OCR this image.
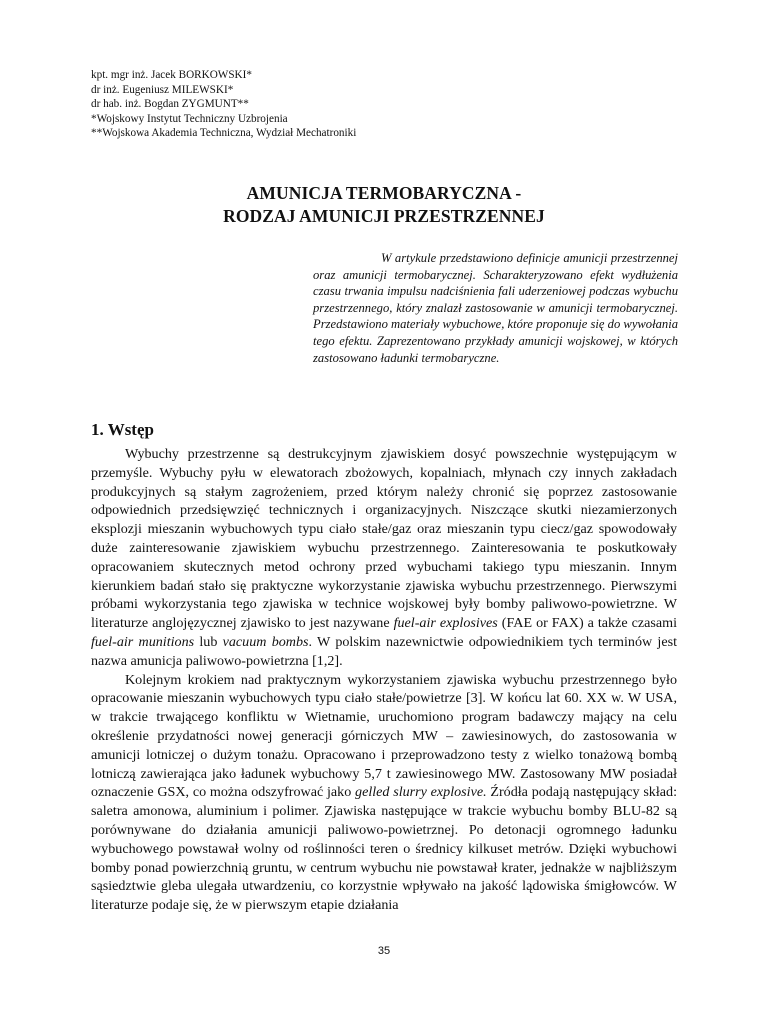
kpt. mgr inż. Jacek BORKOWSKI*
dr inż. Eugeniusz MILEWSKI*
dr hab. inż. Bogdan ZYGMUNT**
*Wojskowy Instytut Techniczny Uzbrojenia
**Wojskowa Akademia Techniczna, Wydział Mechatroniki
AMUNICJA TERMOBARYCZNA -
RODZAJ AMUNICJI PRZESTRZENNEJ

W artykule przedstawiono definicje amunicji przestrzennej oraz amunicji termobarycznej. Scharakteryzowano efekt wydłużenia czasu trwania impulsu nadciśnienia fali uderzeniowej podczas wybuchu przestrzennego, który znalazł zastosowanie w amunicji termobarycznej. Przedstawiono materiały wybuchowe, które proponuje się do wywołania tego efektu. Zaprezentowano przykłady amunicji wojskowej, w których zastosowano ładunki termobaryczne.

1. Wstęp

Wybuchy przestrzenne są destrukcyjnym zjawiskiem dosyć powszechnie występującym w przemyśle. Wybuchy pyłu w elewatorach zbożowych, kopalniach, młynach czy innych zakładach produkcyjnych są stałym zagrożeniem, przed którym należy chronić się poprzez zastosowanie odpowiednich przedsięwzięć technicznych i organizacyjnych. Niszczące skutki niezamierzonych eksplozji mieszanin wybuchowych typu ciało stałe/gaz oraz mieszanin typu ciecz/gaz spowodowały duże zainteresowanie zjawiskiem wybuchu przestrzennego. Zainteresowania te poskutkowały opracowaniem skutecznych metod ochrony przed wybuchami takiego typu mieszanin. Innym kierunkiem badań stało się praktyczne wykorzystanie zjawiska wybuchu przestrzennego. Pierwszymi próbami wykorzystania tego zjawiska w technice wojskowej były bomby paliwowo-powietrzne. W literaturze anglojęzycznej zjawisko to jest nazywane fuel-air explosives (FAE or FAX) a także czasami fuel-air munitions lub vacuum bombs. W polskim nazewnictwie odpowiednikiem tych terminów jest nazwa amunicja paliwowo-powietrzna [1,2].

Kolejnym krokiem nad praktycznym wykorzystaniem zjawiska wybuchu przestrzennego było opracowanie mieszanin wybuchowych typu ciało stałe/powietrze [3]. W końcu lat 60. XX w. W USA, w trakcie trwającego konfliktu w Wietnamie, uruchomiono program badawczy mający na celu określenie przydatności nowej generacji górniczych MW – zawiesinowych, do zastosowania w amunicji lotniczej o dużym tonażu. Opracowano i przeprowadzono testy z wielko tonażową bombą lotniczą zawierająca jako ładunek wybuchowy 5,7 t zawiesinowego MW. Zastosowany MW posiadał oznaczenie GSX, co można odszyfrować jako gelled slurry explosive. Źródła podają następujący skład: saletra amonowa, aluminium i polimer. Zjawiska następujące w trakcie wybuchu bomby BLU-82 są porównywane do działania amunicji paliwowo-powietrznej. Po detonacji ogromnego ładunku wybuchowego powstawał wolny od roślinności teren o średnicy kilkuset metrów. Dzięki wybuchowi bomby ponad powierzchnią gruntu, w centrum wybuchu nie powstawał krater, jednakże w najbliższym sąsiedztwie gleba ulegała utwardzeniu, co korzystnie wpływało na jakość lądowiska śmigłowców. W literaturze podaje się, że w pierwszym etapie działania

35
